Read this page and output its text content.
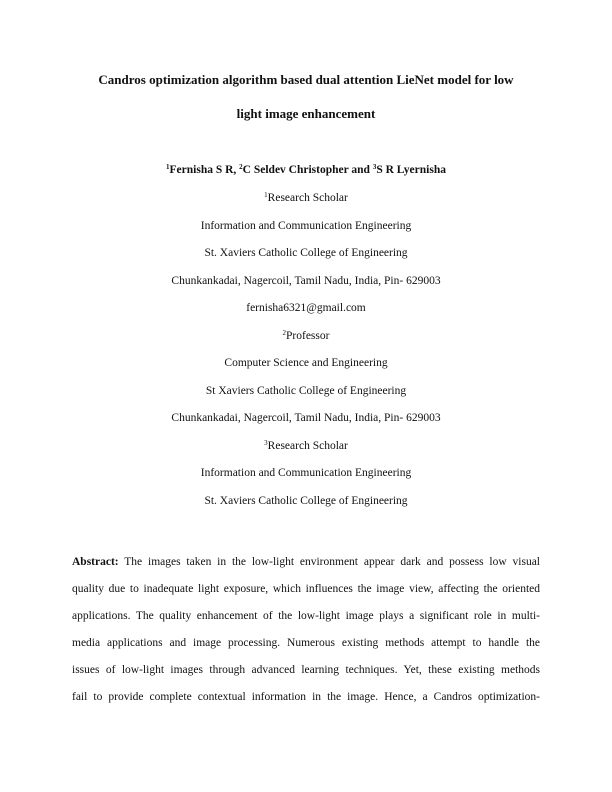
Candros optimization algorithm based dual attention LieNet model for low
light image enhancement
$^1$Fernisha S R, $^2$C Seldev Christopher and $^3$S R Lyernisha
$^1$Research Scholar
Information and Communication Engineering
St. Xaviers Catholic College of Engineering
Chunkankadai, Nagercoil, Tamil Nadu, India, Pin- 629003
fernisha6321@gmail.com
$^2$Professor
Computer Science and Engineering
St Xaviers Catholic College of Engineering
Chunkankadai, Nagercoil, Tamil Nadu, India, Pin- 629003
$^3$Research Scholar
Information and Communication Engineering
St. Xaviers Catholic College of Engineering
Abstract: The images taken in the low-light environment appear dark and possess low visual
quality due to inadequate light exposure, which influences the image view, affecting the oriented
applications. The quality enhancement of the low-light image plays a significant role in multi-
media applications and image processing. Numerous existing methods attempt to handle the
issues of low-light images through advanced learning techniques. Yet, these existing methods
fail to provide complete contextual information in the image. Hence, a Candros optimization-
